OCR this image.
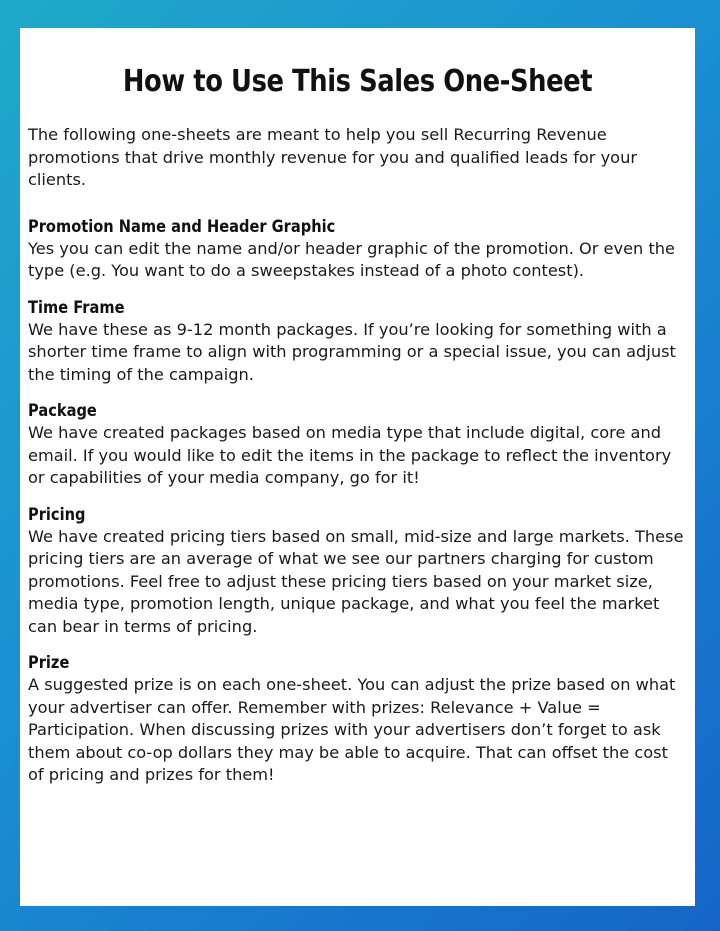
How to Use This Sales One-Sheet

The following one-sheets are meant to help you sell Recurring Revenue promotions that drive monthly revenue for you and qualified leads for your clients.

Promotion Name and Header Graphic

Yes you can edit the name and/or header graphic of the promotion. Or even the type (e.g. You want to do a sweepstakes instead of a photo contest).

Time Frame

We have these as 9-12 month packages. If you’re looking for something with a shorter time frame to align with programming or a special issue, you can adjust the timing of the campaign.

Package

We have created packages based on media type that include digital, core and email. If you would like to edit the items in the package to reflect the inventory or capabilities of your media company, go for it!

Pricing

We have created pricing tiers based on small, mid-size and large markets. These pricing tiers are an average of what we see our partners charging for custom promotions. Feel free to adjust these pricing tiers based on your market size, media type, promotion length, unique package, and what you feel the market can bear in terms of pricing.

Prize

A suggested prize is on each one-sheet. You can adjust the prize based on what your advertiser can offer. Remember with prizes: Relevance + Value = Participation. When discussing prizes with your advertisers don’t forget to ask them about co-op dollars they may be able to acquire. That can offset the cost of pricing and prizes for them!
